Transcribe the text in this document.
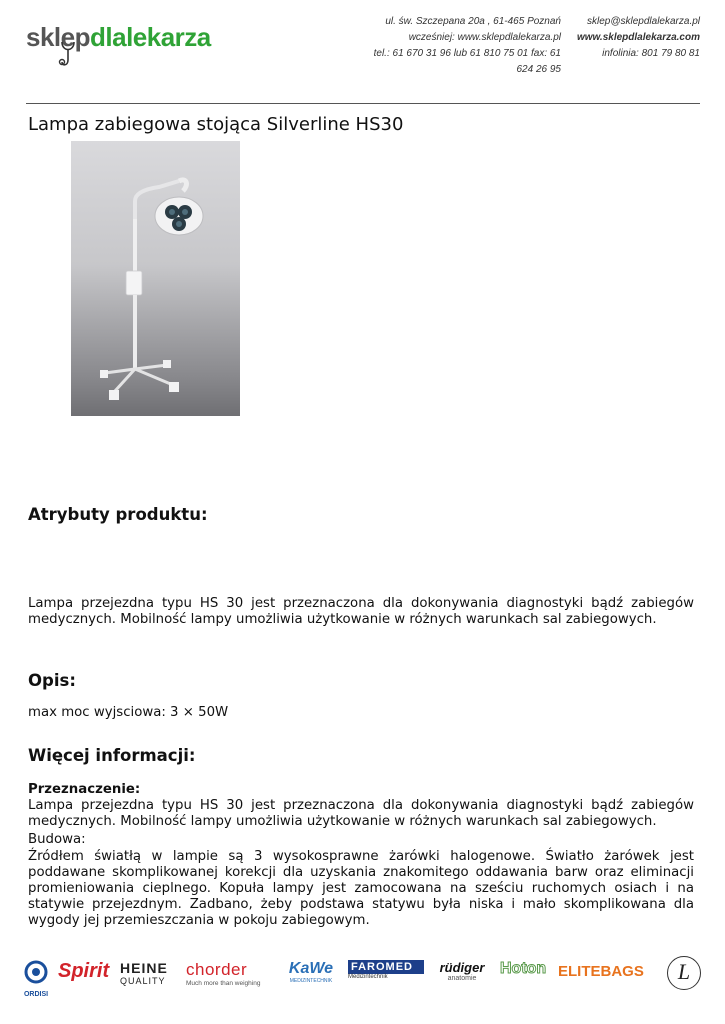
sklepdlalekarza
ul. św. Szczepana 20a , 61-465 Poznań
wcześniej: www.sklepdlalekarza.pl
tel.: 61 670 31 96 lub 61 810 75 01 fax: 61 624 26 95
sklep@sklepdlalekarza.pl
www.sklepdlalekarza.com
infolinia: 801 79 80 81
Lampa zabiegowa stojąca Silverline HS30
Atrybuty produktu:
Lampa przejezdna typu HS 30 jest przeznaczona dla dokonywania diagnostyki bądź zabiegów medycznych. Mobilność lampy umożliwia użytkowanie w różnych warunkach sal zabiegowych.
Opis:
max moc wyjsciowa: 3 × 50W
Więcej informacji:
Przeznaczenie:
Lampa przejezdna typu HS 30 jest przeznaczona dla dokonywania diagnostyki bądź zabiegów medycznych. Mobilność lampy umożliwia użytkowanie w różnych warunkach sal zabiegowych.
Budowa:
Źródłem światłą w lampie są 3 wysokosprawne żarówki halogenowe. Światło żarówek jest poddawane skomplikowanej korekcji dla uzyskania znakomitego oddawania barw oraz eliminacji promieniowania cieplnego. Kopuła lampy jest zamocowana na sześciu ruchomych osiach i na statywie przejezdnym. Zadbano, żeby podstawa statywu była niska i mało skomplikowana dla wygody jej przemieszczania w pokoju zabiegowym.
ORDISI
Spirit HEINE
QUALITY
chorder
Much more than weighing
KaWe
MEDIZINTECHNIK
FAROMED
Medizintechnik
rüdiger
anatomie
Hoton ELITEBAGS	L
